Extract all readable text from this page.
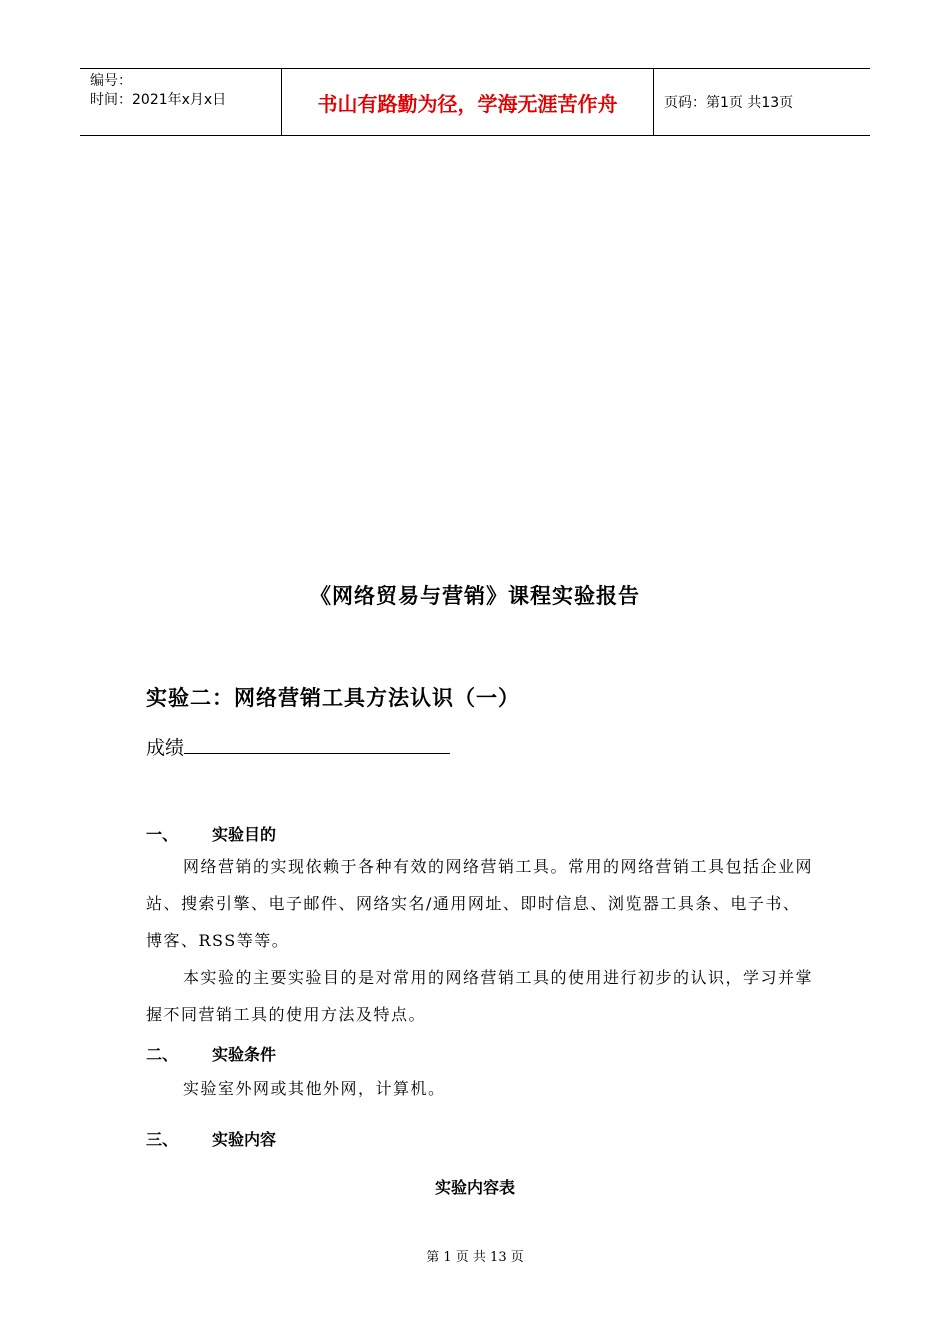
编号：
时间：2021年x月x日	书山有路勤为径，学海无涯苦作舟	页码：第1页 共13页
《网络贸易与营销》课程实验报告
实验二：网络营销工具方法认识（一）
成绩
一、 实验目的
网络营销的实现依赖于各种有效的网络营销工具。常用的网络营销工具包括企业网站、搜索引擎、电子邮件、网络实名/通用网址、即时信息、浏览器工具条、电子书、博客、RSS等等。
本实验的主要实验目的是对常用的网络营销工具的使用进行初步的认识，学习并掌握不同营销工具的使用方法及特点。
二、 实验条件
实验室外网或其他外网，计算机。
三、 实验内容
实验内容表
第 1 页 共 13 页
